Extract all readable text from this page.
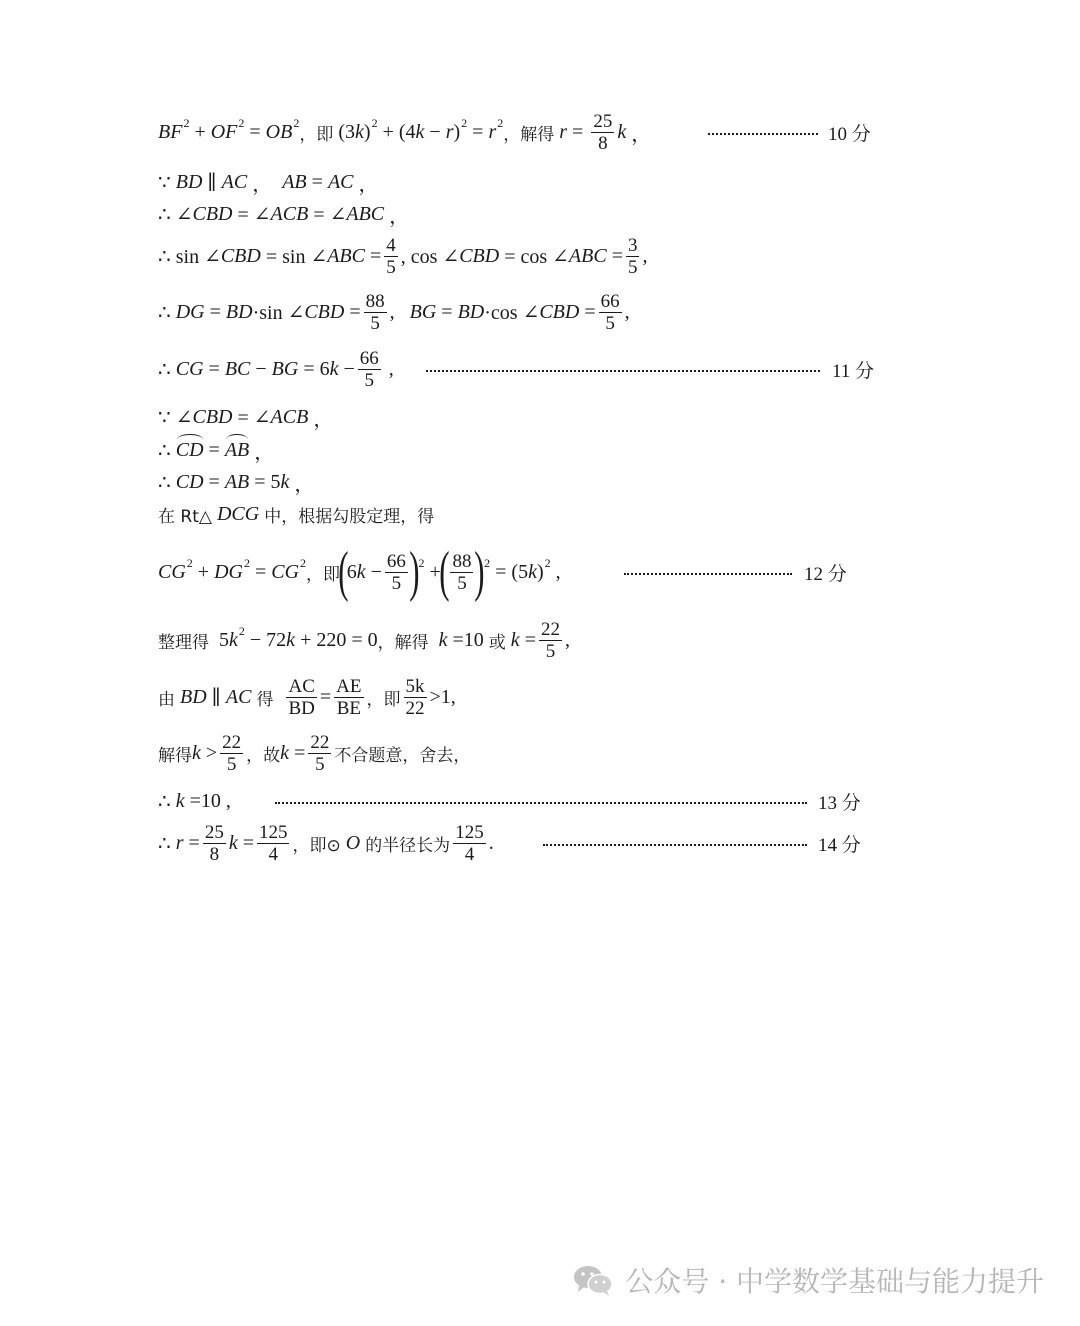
$BF^2 + OF^2 = OB^2$
，即 (3 k )$^2$ + (4 k − r )$^2 = r^2$
，解得
$r = \frac{25}{8}$ k ，	10 分
∵
BD ∥ AC ， AB = AC ，
∴ ∠ CBD = ∠ ACB = ∠ ABC ，
∴ sin ∠ CBD = sin ∠ ABC = $\frac{4}{5}$ , cos ∠ CBD = cos ∠ ABC = $\frac{3}{5}$ ,
∴ DG = BD ·sin ∠ CBD = $\frac{88}{5}$ , BG = BD ·cos ∠ CBD = $\frac{66}{5}$ ,
∴ CG = BC − BG = 6 $k - \frac{66}{5}$ ,	11 分
∵ ∠ CBD = ∠ ACB ，
∴ CD = AB ，
∴ CD = AB = 5 k ，
在 Rt△
DCG
中，根据勾股定理，得
$CG^2 + DG^2 = CG^2$
，即
(
6 $k - \frac{66}{5} )^2$ +
( $\frac{88}{5} )^2 = (5$ k )$^2$ ,	12 分
整理得 5 $k^2 - 72$ k + 220 = 0 ，解得
k =10 或
$k = \frac{22}{5}$ ,
由
BD ∥ AC
得
$\frac{AC}{BD} = \frac{AE}{BE}$ ，即 $\frac{5k}{22} >1$,
解得 $k > \frac{22}{5}$ ，故 $k = \frac{22}{5}$ 不合题意，舍去，
∴ k =10 ,	13 分
∴ $r = \frac{25}{8}$ $k = \frac{125}{4}$ ，即⊙
O
的半径长为 $\frac{125}{4}$ .	14 分
公众号 · 中学数学基础与能力提升
